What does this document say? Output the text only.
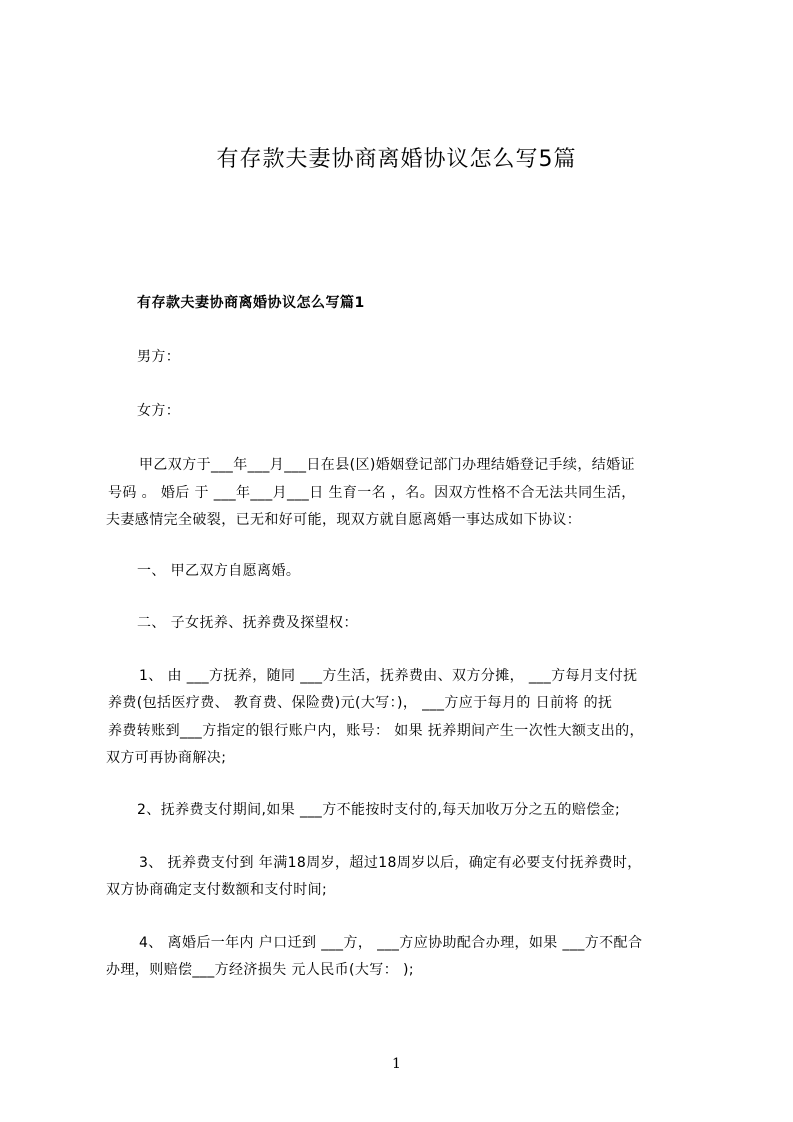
有存款夫妻协商离婚协议怎么写5篇
有存款夫妻协商离婚协议怎么写篇1
男方：
女方：
甲乙双方于___年___月___日在县(区)婚姻登记部门办理结婚登记手续，结婚证
号码 。 婚后 于 ___年___月___日 生育一名 ，名。因双方性格不合无法共同生活，
夫妻感情完全破裂，已无和好可能，现双方就自愿离婚一事达成如下协议：
一、 甲乙双方自愿离婚。
二、 子女抚养、抚养费及探望权：
1、 由 ___方抚养，随同 ___方生活，抚养费由、双方分摊， ___方每月支付抚
养费(包括医疗费、 教育费、保险费)元(大写：)， ___方应于每月的 日前将 的抚
养费转账到___方指定的银行账户内，账号： 如果 抚养期间产生一次性大额支出的，
双方可再协商解决;
2、抚养费支付期间,如果 ___方不能按时支付的,每天加收万分之五的赔偿金;
3、 抚养费支付到 年满18周岁，超过18周岁以后，确定有必要支付抚养费时，
双方协商确定支付数额和支付时间;
4、 离婚后一年内 户口迁到 ___方， ___方应协助配合办理，如果 ___方不配合
办理，则赔偿___方经济损失 元人民币(大写： );
1
